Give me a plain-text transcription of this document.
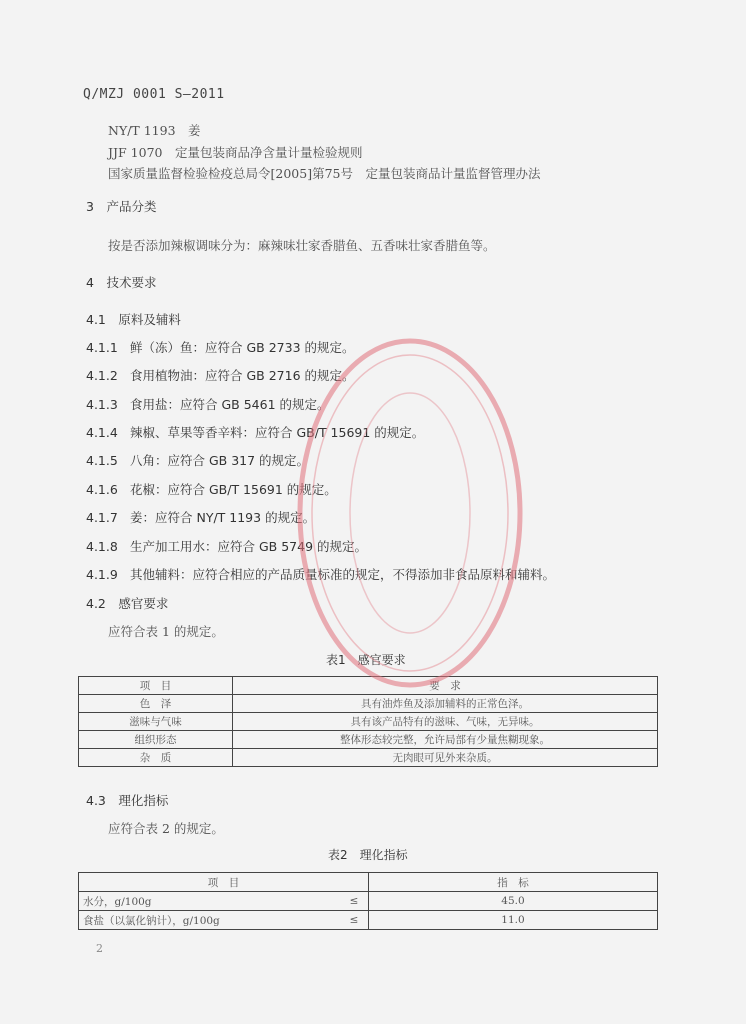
Q/MZJ 0001 S—2011
NY/T 1193　 姜
JJF 1070　 定量包装商品净含量计量检验规则
国家质量监督检验检疫总局令[2005]第75号　 定量包装商品计量监督管理办法
3　产品分类
按是否添加辣椒调味分为：麻辣味壮家香腊鱼、五香味壮家香腊鱼等。
4　技术要求
4.1　原料及辅料
4.1.1 鲜（冻）鱼：应符合 GB 2733 的规定。
4.1.2 食用植物油：应符合 GB 2716 的规定。
4.1.3 食用盐：应符合 GB 5461 的规定。
4.1.4 辣椒、草果等香辛料：应符合 GB/T 15691 的规定。
4.1.5 八角：应符合 GB 317 的规定。
4.1.6 花椒：应符合 GB/T 15691 的规定。
4.1.7 姜：应符合 NY/T 1193 的规定。
4.1.8 生产加工用水：应符合 GB 5749 的规定。
4.1.9 其他辅料：应符合相应的产品质量标准的规定，不得添加非食品原料和辅料。
4.2　感官要求
应符合表 1 的规定。
表1　感官要求
项　目	要　求
色　泽	具有油炸鱼及添加辅料的正常色泽。
滋味与气味	具有该产品特有的滋味、气味，无异味。
组织形态	整体形态较完整，允许局部有少量焦糊现象。
杂　质	无肉眼可见外来杂质。
4.3　理化指标
应符合表 2 的规定。
表2　理化指标
项　目		指　标
水分，g/100g	≤	45.0
食盐（以氯化钠计），g/100g	≤	11.0
2
